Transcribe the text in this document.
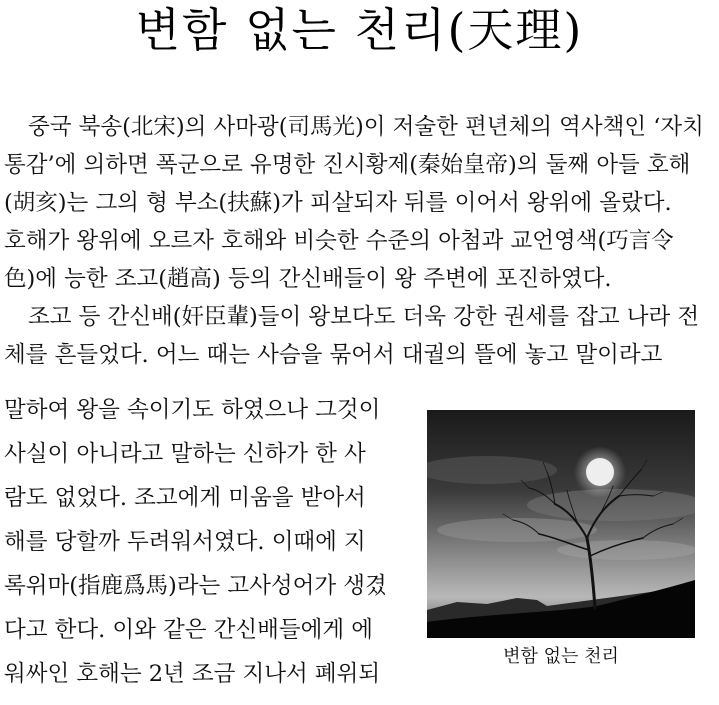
변함 없는 천리(天理)

중국 북송(北宋)의 사마광(司馬光)이 저술한 편년체의 역사책인 ‘자치

통감’에 의하면 폭군으로 유명한 진시황제(秦始皇帝)의 둘째 아들 호해
(胡亥)는 그의 형 부소(扶蘇)가 피살되자 뒤를 이어서 왕위에 올랐다.
호해가 왕위에 오르자 호해와 비슷한 수준의 아첨과 교언영색(巧言令
色)에 능한 조고(趙高) 등의 간신배들이 왕 주변에 포진하였다.

조고 등 간신배(奸臣輩)들이 왕보다도 더욱 강한 권세를 잡고 나라 전

체를 흔들었다. 어느 때는 사슴을 묶어서 대궐의 뜰에 놓고 말이라고
말하여 왕을 속이기도 하였으나 그것이
사실이 아니라고 말하는 신하가 한 사
람도 없었다. 조고에게 미움을 받아서
해를 당할까 두려워서였다. 이때에 지
록위마(指鹿爲馬)라는 고사성어가 생겼
다고 한다. 이와 같은 간신배들에게 에
워싸인 호해는 2년 조금 지나서 폐위되
변함 없는 천리
